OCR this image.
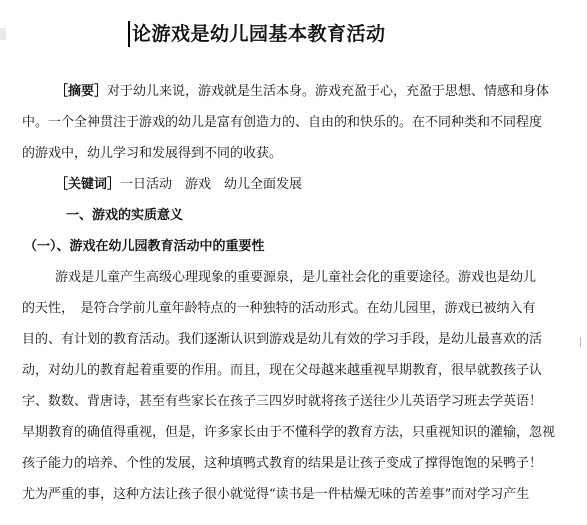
论游戏是幼儿园基本教育活动
［摘要］对于幼儿来说，游戏就是生活本身。游戏充盈于心，充盈于思想、情感和身体
中。一个全神贯注于游戏的幼儿是富有创造力的、自由的和快乐的。在不同种类和不同程度
的游戏中，幼儿学习和发展得到不同的收获。
［关键词］一日活动　游戏　幼儿全面发展
一、游戏的实质意义
（一）、游戏在幼儿园教育活动中的重要性
游戏是儿童产生高级心理现象的重要源泉，是儿童社会化的重要途径。游戏也是幼儿
的天性，　是符合学前儿童年龄特点的一种独特的活动形式。在幼儿园里，游戏已被纳入有
目的、有计划的教育活动。我们逐渐认识到游戏是幼儿有效的学习手段，是幼儿最喜欢的活
动，对幼儿的教育起着重要的作用。而且，现在父母越来越重视早期教育，很早就教孩子认
字、数数、背唐诗，甚至有些家长在孩子三四岁时就将孩子送往少儿英语学习班去学英语！
早期教育的确值得重视，但是，许多家长由于不懂科学的教育方法，只重视知识的灌输，忽视
孩子能力的培养、个性的发展，这种填鸭式教育的结果是让孩子变成了撑得饱饱的呆鸭子！
尤为严重的事，这种方法让孩子很小就觉得“读书是一件枯燥无味的苦差事”而对学习产生
